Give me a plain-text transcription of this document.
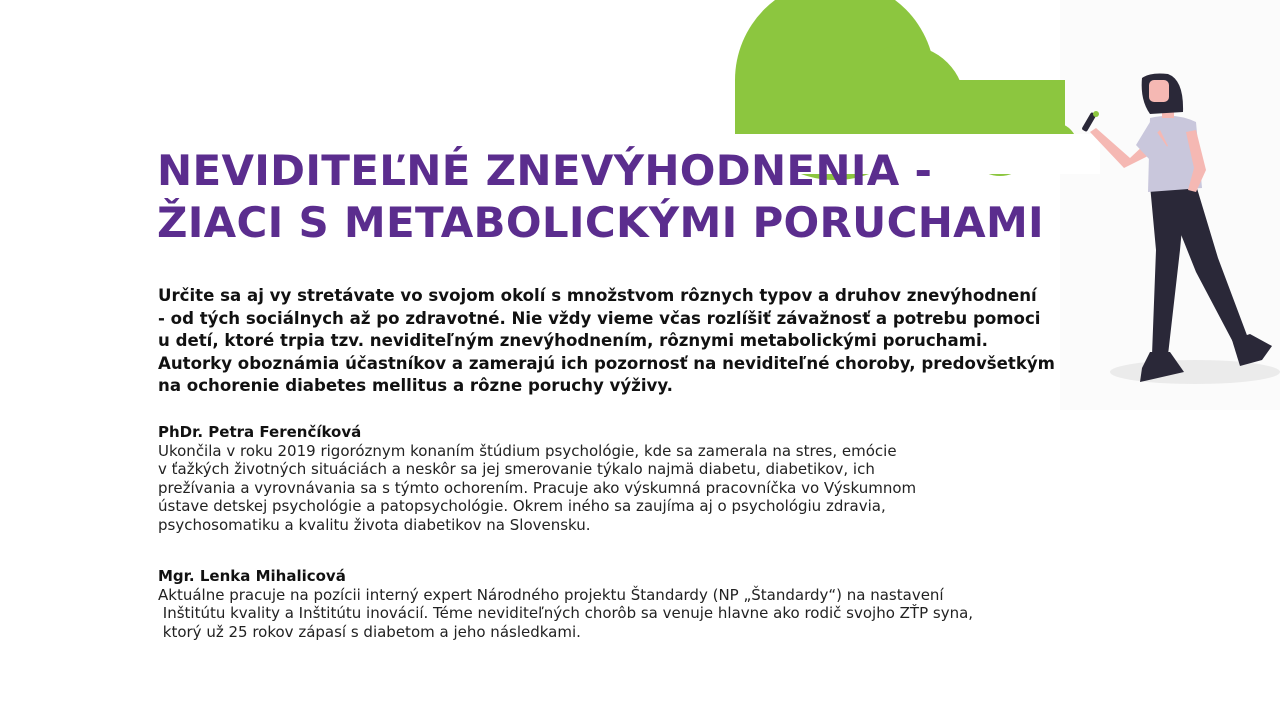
NEVIDITEĽNÉ ZNEVÝHODNENIA -
ŽIACI S METABOLICKÝMI PORUCHAMI

Určite sa aj vy stretávate vo svojom okolí s množstvom rôznych typov a druhov znevýhodnení
- od tých sociálnych až po zdravotné. Nie vždy vieme včas rozlíšiť závažnosť a potrebu pomoci
u detí, ktoré trpia tzv. neviditeľným znevýhodnením, rôznymi metabolickými poruchami.
Autorky oboznámia účastníkov a zamerajú ich pozornosť na neviditeľné choroby, predovšetkým
na ochorenie diabetes mellitus a rôzne poruchy výživy.

PhDr. Petra Ferenčíková
Ukončila v roku 2019 rigoróznym konaním štúdium psychológie, kde sa zamerala na stres, emócie
v ťažkých životných situáciách a neskôr sa jej smerovanie týkalo najmä diabetu, diabetikov, ich
prežívania a vyrovnávania sa s týmto ochorením. Pracuje ako výskumná pracovníčka vo Výskumnom
ústave detskej psychológie a patopsychológie. Okrem iného sa zaujíma aj o psychológiu zdravia,
psychosomatiku a kvalitu života diabetikov na Slovensku.
Mgr. Lenka Mihalicová
Aktuálne pracuje na pozícii interný expert Národného projektu Štandardy (NP „Štandardy“) na nastavení
Inštitútu kvality a Inštitútu inovácií. Téme neviditeľných chorôb sa venuje hlavne ako rodič svojho ZŤP syna,
ktorý už 25 rokov zápasí s diabetom a jeho následkami.
